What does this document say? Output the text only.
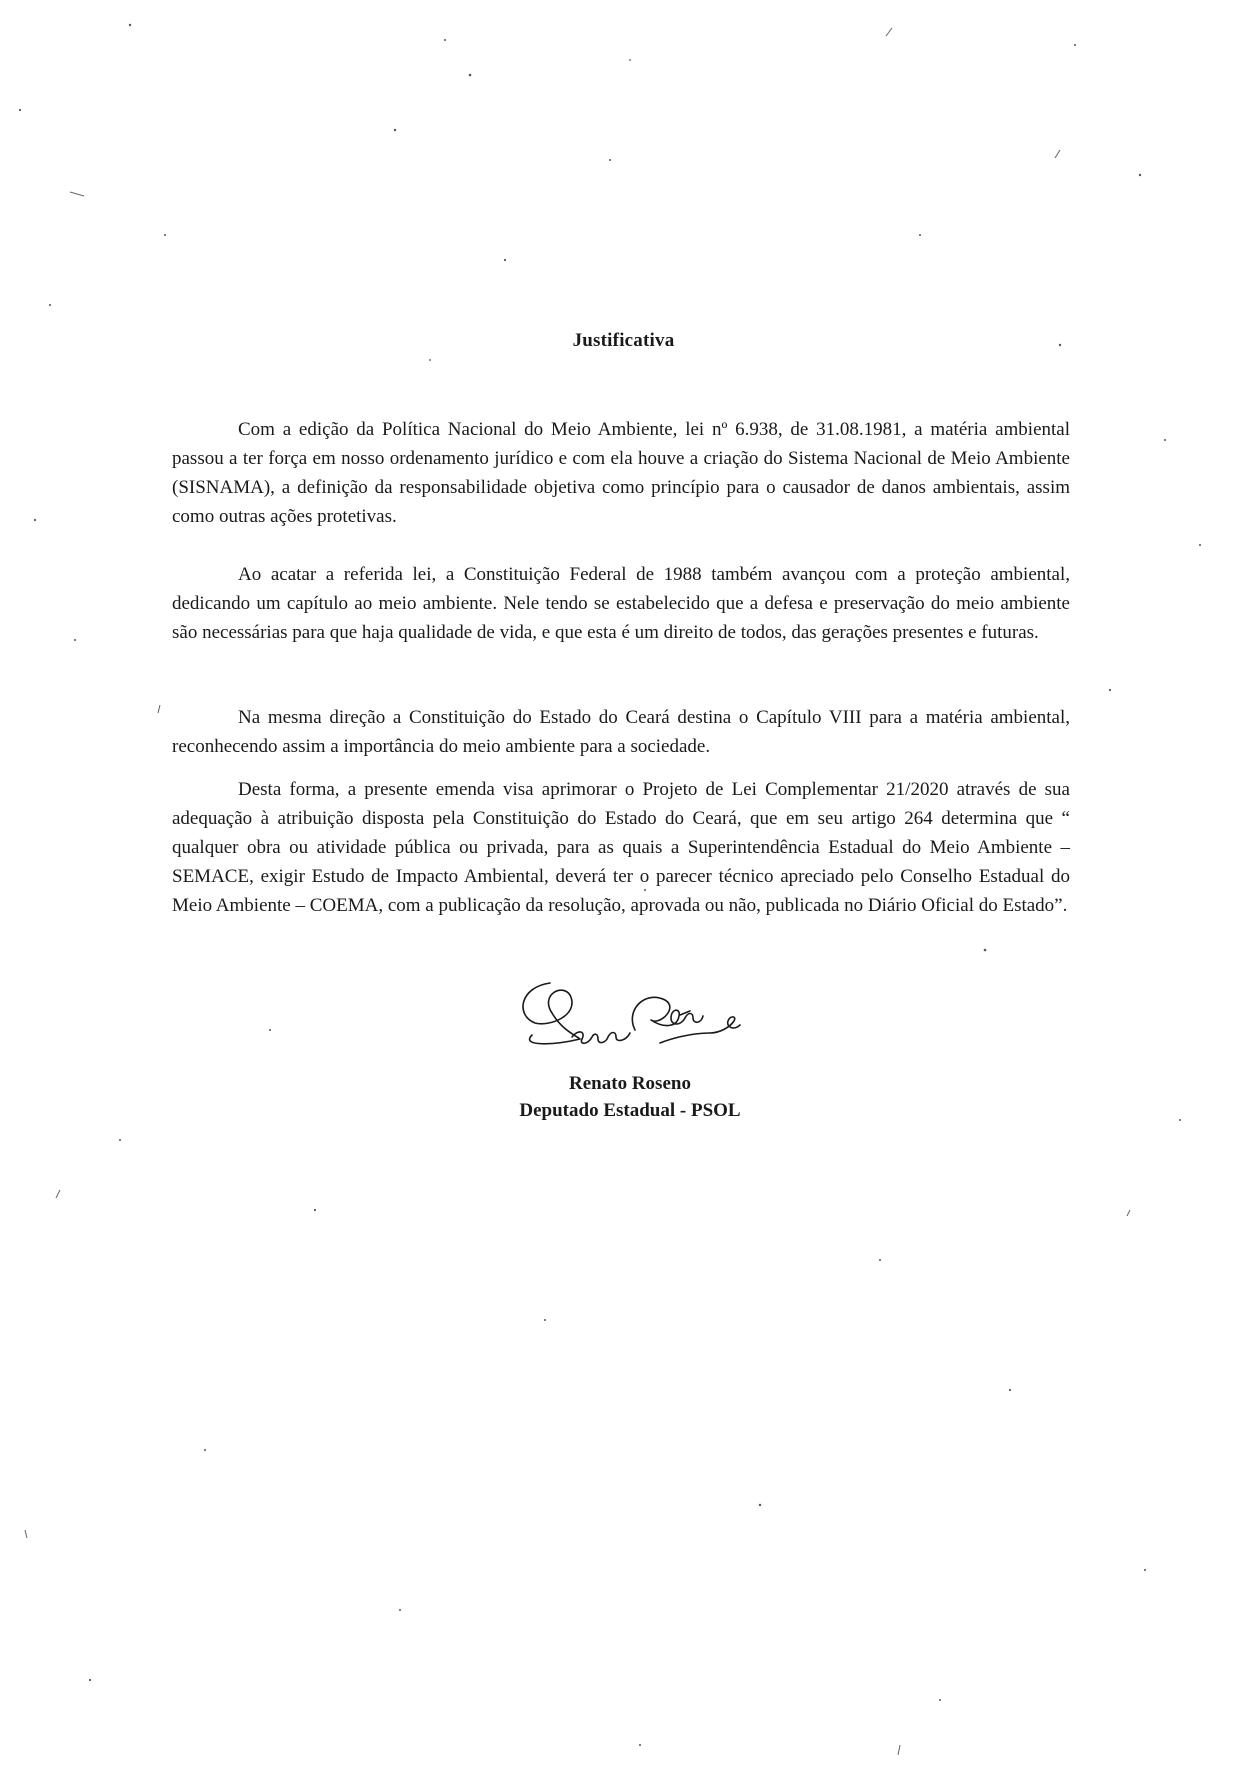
Justificativa

Com a edição da Política Nacional do Meio Ambiente, lei nº 6.938, de 31.08.1981, a matéria ambiental passou a ter força em nosso ordenamento jurídico e com ela houve a criação do Sistema Nacional de Meio Ambiente (SISNAMA), a definição da responsabilidade objetiva como princípio para o causador de danos ambientais, assim como outras ações protetivas.

Ao acatar a referida lei, a Constituição Federal de 1988 também avançou com a proteção ambiental, dedicando um capítulo ao meio ambiente. Nele tendo se estabelecido que a defesa e preservação do meio ambiente são necessárias para que haja qualidade de vida, e que esta é um direito de todos, das gerações presentes e futuras.

Na mesma direção a Constituição do Estado do Ceará destina o Capítulo VIII para a matéria ambiental, reconhecendo assim a importância do meio ambiente para a sociedade.

Desta forma, a presente emenda visa aprimorar o Projeto de Lei Complementar 21/2020 através de sua adequação à atribuição disposta pela Constituição do Estado do Ceará, que em seu artigo 264 determina que “ qualquer obra ou atividade pública ou privada, para as quais a Superintendência Estadual do Meio Ambiente – SEMACE, exigir Estudo de Impacto Ambiental, deverá ter o parecer técnico apreciado pelo Conselho Estadual do Meio Ambiente – COEMA, com a publicação da resolução, aprovada ou não, publicada no Diário Oficial do Estado”.

Renato Roseno
Deputado Estadual - PSOL
